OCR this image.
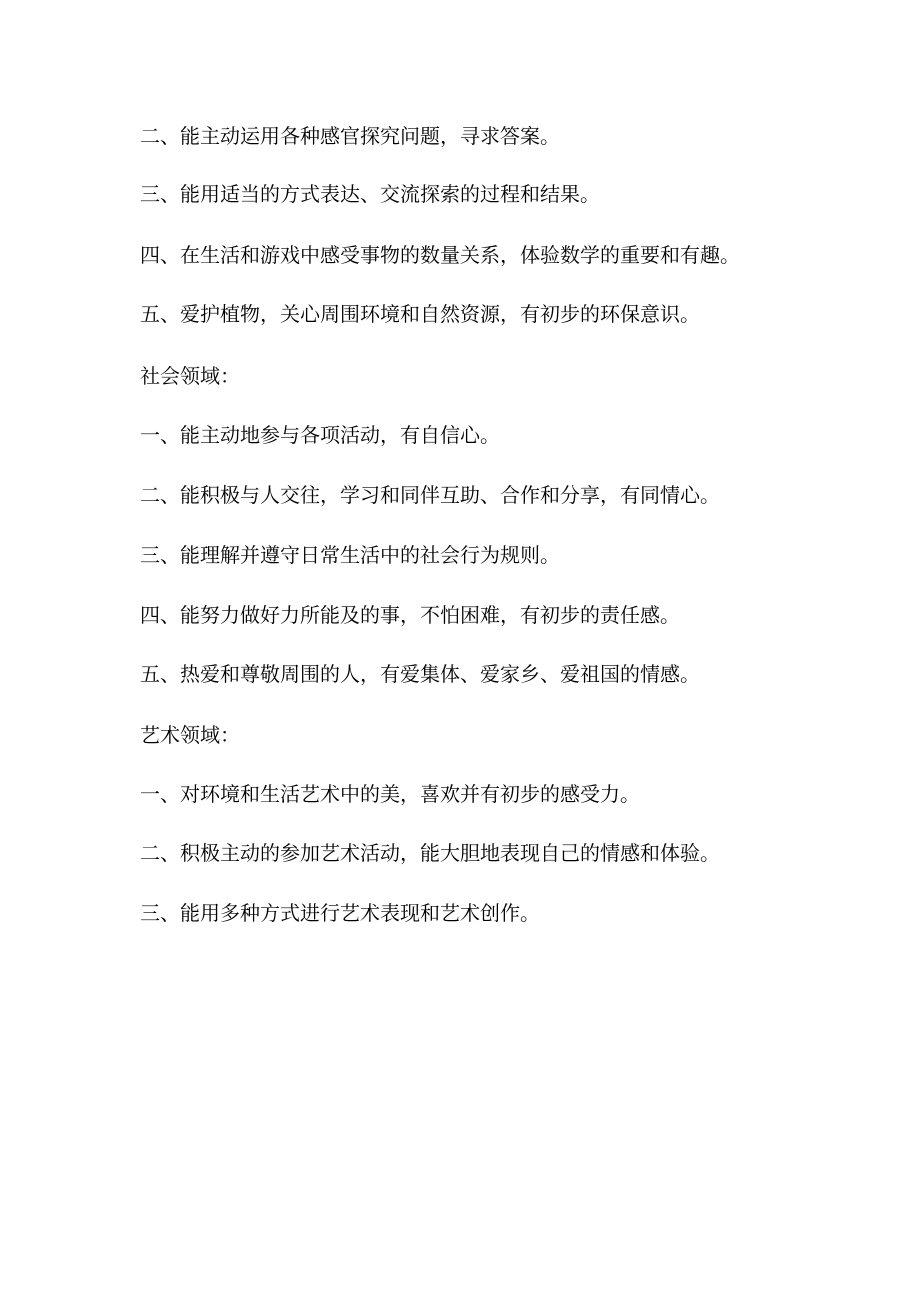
二、能主动运用各种感官探究问题，寻求答案。
三、能用适当的方式表达、交流探索的过程和结果。
四、在生活和游戏中感受事物的数量关系，体验数学的重要和有趣。
五、爱护植物，关心周围环境和自然资源，有初步的环保意识。
社会领域：
一、能主动地参与各项活动，有自信心。
二、能积极与人交往，学习和同伴互助、合作和分享，有同情心。
三、能理解并遵守日常生活中的社会行为规则。
四、能努力做好力所能及的事，不怕困难，有初步的责任感。
五、热爱和尊敬周围的人，有爱集体、爱家乡、爱祖国的情感。
艺术领域：
一、对环境和生活艺术中的美，喜欢并有初步的感受力。
二、积极主动的参加艺术活动，能大胆地表现自己的情感和体验。
三、能用多种方式进行艺术表现和艺术创作。
